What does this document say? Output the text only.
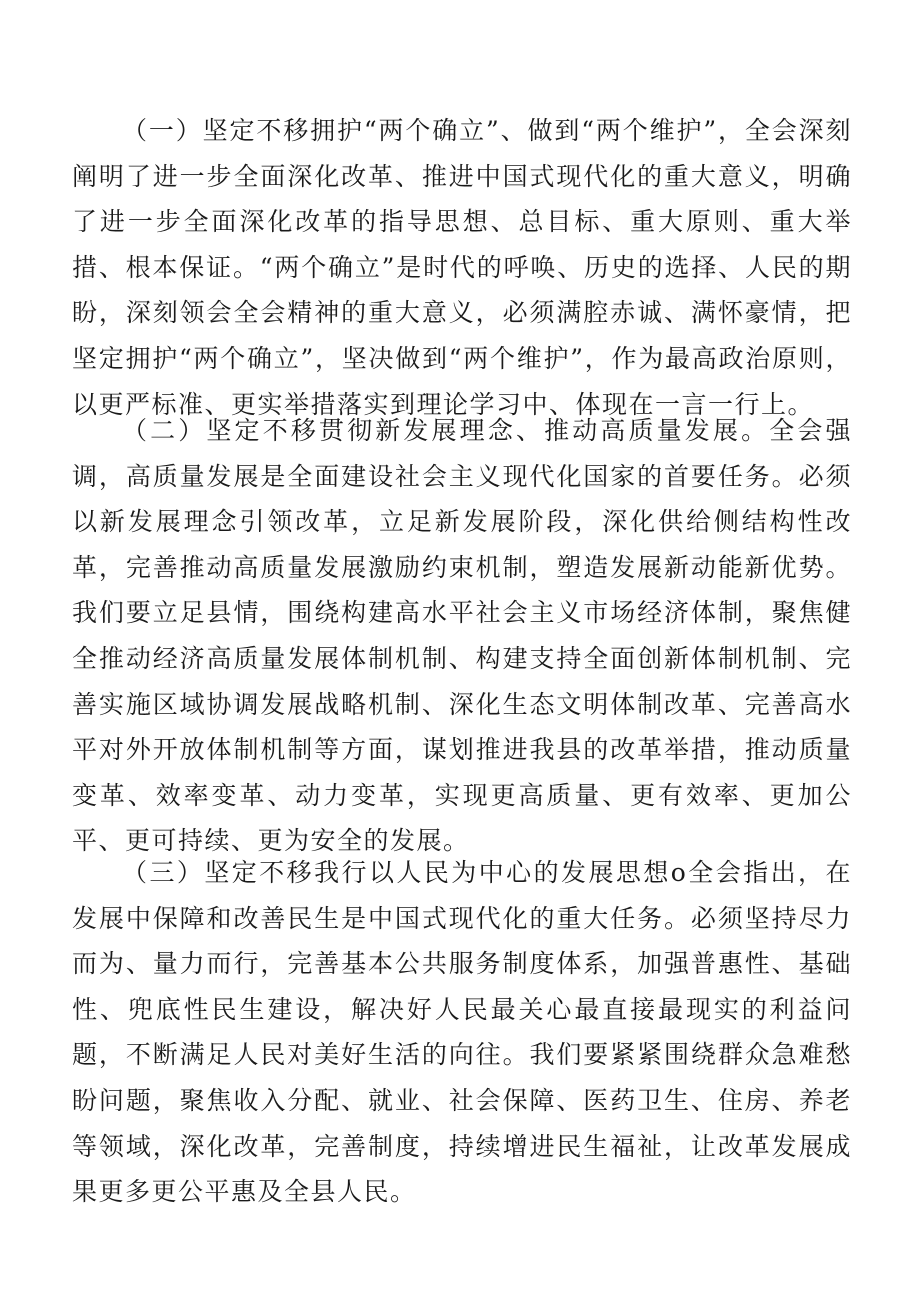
（一）坚定不移拥护“两个确立”、做到“两个维护”，全会深刻阐明了进一步全面深化改革、推进中国式现代化的重大意义，明确了进一步全面深化改革的指导思想、总目标、重大原则、重大举措、根本保证。“两个确立”是时代的呼唤、历史的选择、人民的期盼，深刻领会全会精神的重大意义，必须满腔赤诚、满怀豪情，把坚定拥护“两个确立”，坚决做到“两个维护”，作为最高政治原则，以更严标准、更实举措落实到理论学习中、体现在一言一行上。

（二）坚定不移贯彻新发展理念、推动高质量发展。全会强调，高质量发展是全面建设社会主义现代化国家的首要任务。必须以新发展理念引领改革，立足新发展阶段，深化供给侧结构性改革，完善推动高质量发展激励约束机制，塑造发展新动能新优势。我们要立足县情，围绕构建高水平社会主义市场经济体制，聚焦健全推动经济高质量发展体制机制、构建支持全面创新体制机制、完善实施区域协调发展战略机制、深化生态文明体制改革、完善高水平对外开放体制机制等方面，谋划推进我县的改革举措，推动质量变革、效率变革、动力变革，实现更高质量、更有效率、更加公平、更可持续、更为安全的发展。

（三）坚定不移我行以人民为中心的发展思想o全会指出，在发展中保障和改善民生是中国式现代化的重大任务。必须坚持尽力而为、量力而行，完善基本公共服务制度体系，加强普惠性、基础性、兜底性民生建设，解决好人民最关心最直接最现实的利益问题，不断满足人民对美好生活的向往。我们要紧紧围绕群众急难愁盼问题，聚焦收入分配、就业、社会保障、医药卫生、住房、养老等领域，深化改革，完善制度，持续增进民生福祉，让改革发展成果更多更公平惠及全县人民。
